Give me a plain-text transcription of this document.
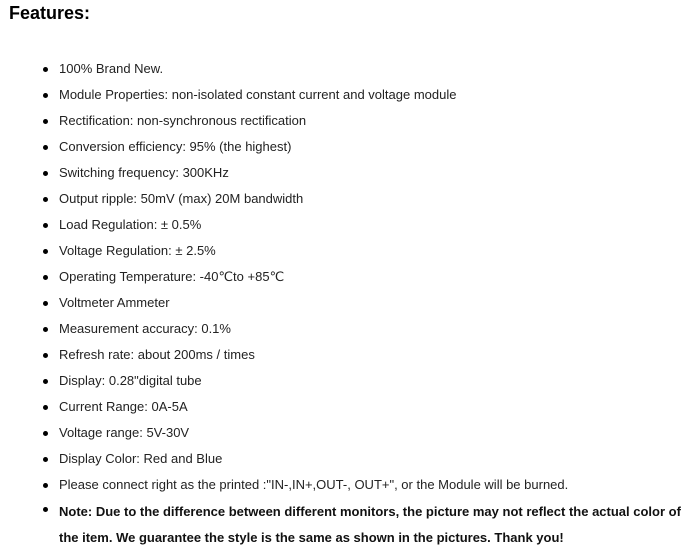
Features:
100% Brand New.
Module Properties: non-isolated constant current and voltage module
Rectification: non-synchronous rectification
Conversion efficiency: 95% (the highest)
Switching frequency: 300KHz
Output ripple: 50mV (max) 20M bandwidth
Load Regulation: ± 0.5%
Voltage Regulation: ± 2.5%
Operating Temperature: -40℃to +85℃
Voltmeter Ammeter
Measurement accuracy: 0.1%
Refresh rate: about 200ms / times
Display: 0.28"digital tube
Current Range: 0A-5A
Voltage range: 5V-30V
Display Color: Red and Blue
Please connect right as the printed :"IN-,IN+,OUT-, OUT+", or the Module will be burned.

Note: Due to the difference between different monitors, the picture may not reflect the actual color of the item. We guarantee the style is the same as shown in the pictures. Thank you!
